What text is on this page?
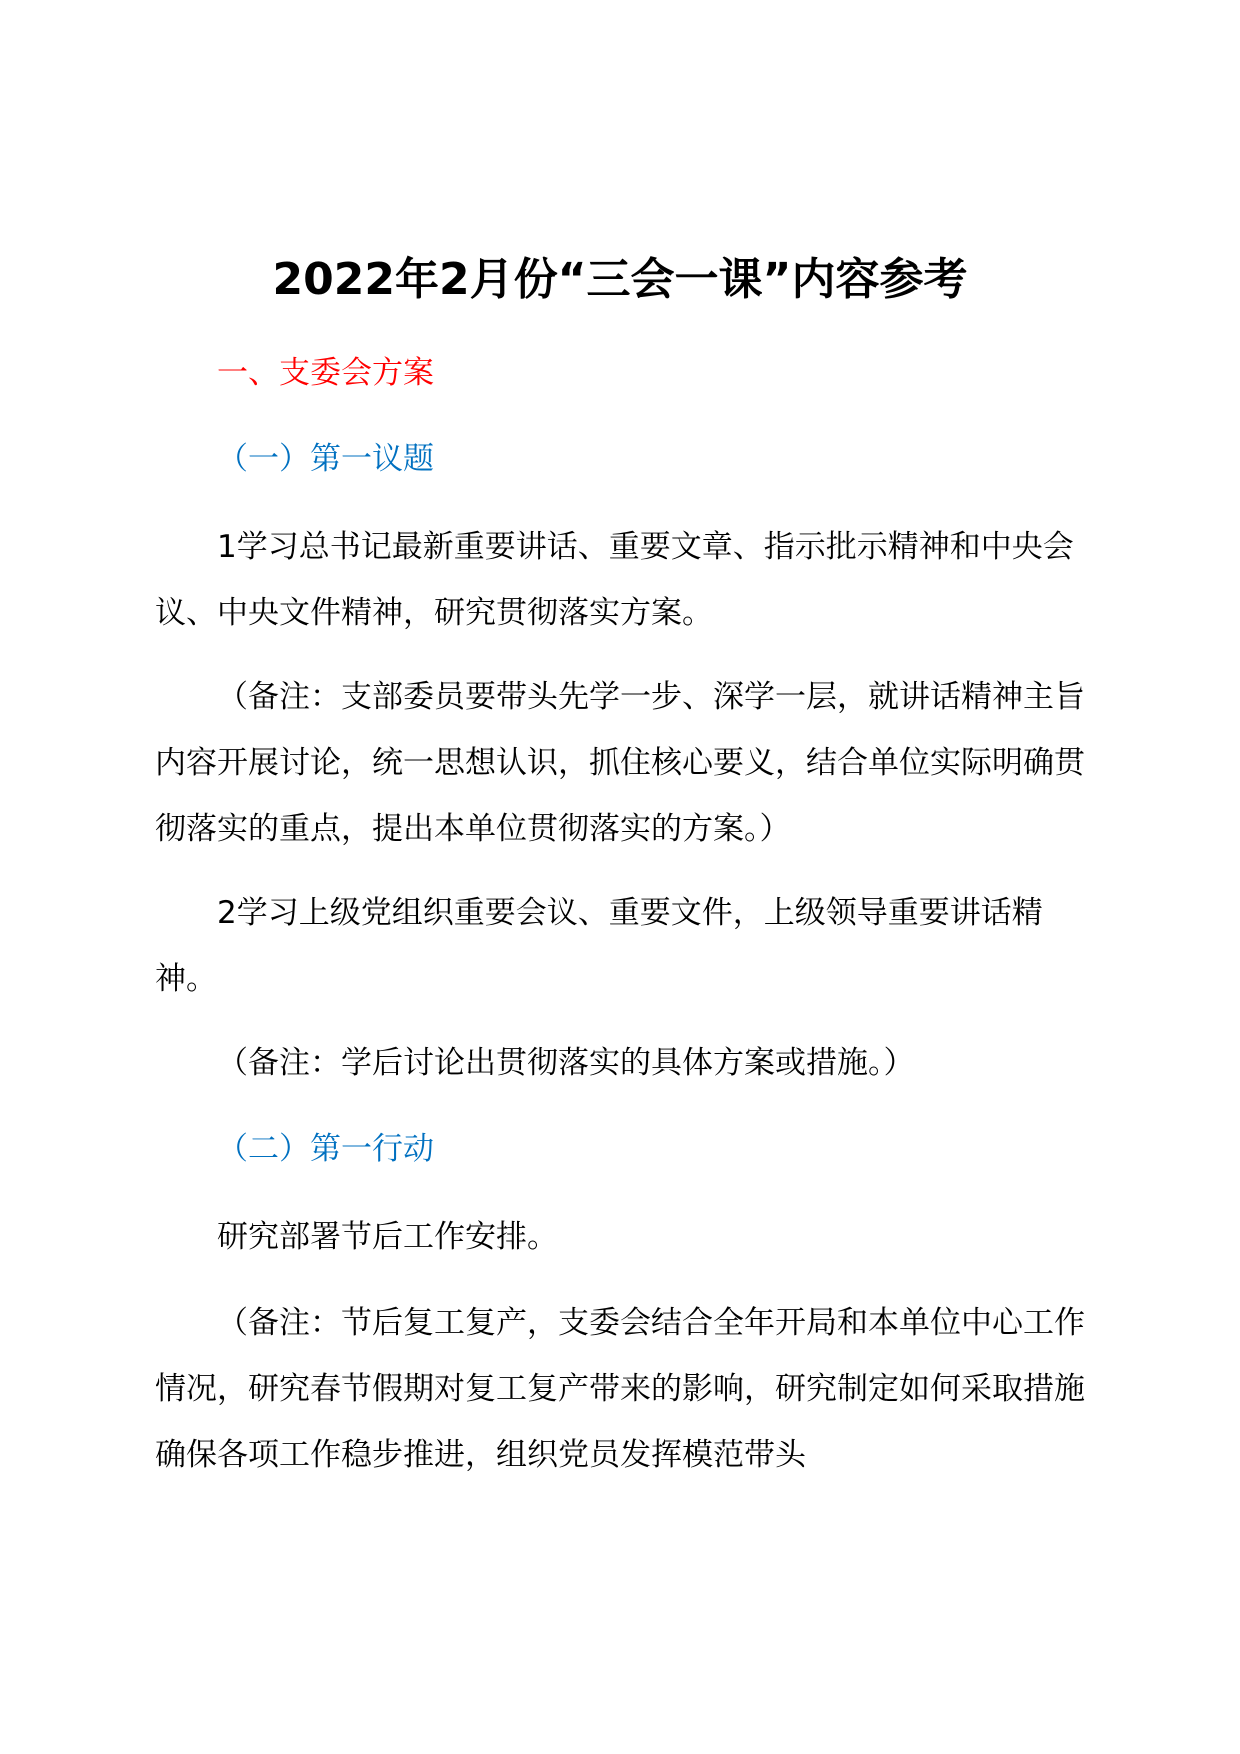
2022年2月份“三会一课”内容参考

一、支委会方案

（一）第一议题

1学习总书记最新重要讲话、重要文章、指示批示精神和中央会议、中央文件精神，研究贯彻落实方案。

（备注：支部委员要带头先学一步、深学一层，就讲话精神主旨内容开展讨论，统一思想认识，抓住核心要义，结合单位实际明确贯彻落实的重点，提出本单位贯彻落实的方案。）

2学习上级党组织重要会议、重要文件，上级领导重要讲话精神。

（备注：学后讨论出贯彻落实的具体方案或措施。）

（二）第一行动

研究部署节后工作安排。

（备注：节后复工复产，支委会结合全年开局和本单位中心工作情况，研究春节假期对复工复产带来的影响，研究制定如何采取措施确保各项工作稳步推进，组织党员发挥模范带头
